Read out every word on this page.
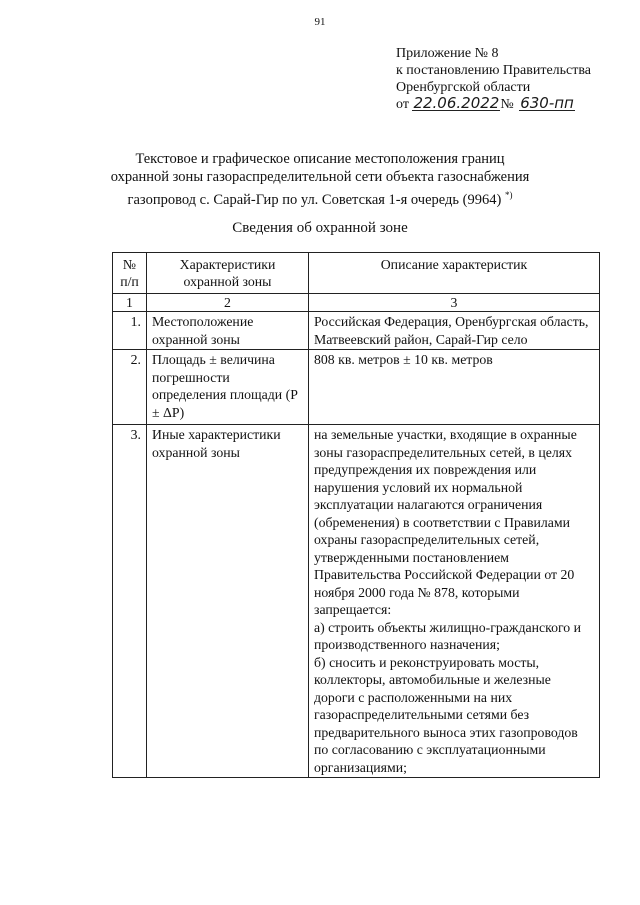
91
Приложение № 8
к постановлению Правительства
Оренбургской области
от 22.06.2022№ 630-пп
Текстовое и графическое описание местоположения границ
охранной зоны газораспределительной сети объекта газоснабжения
газопровод с. Сарай-Гир по ул. Советская 1-я очередь (9964) *)
Сведения об охранной зоне
№ п/п	Характеристики охранной зоны	Описание характеристик
1	2	3
1.	Местоположение охранной зоны	Российская Федерация, Оренбургская область, Матвеевский район, Сарай-Гир село
2.	Площадь ± величина погрешности определения площади (P ± ΔP)	808 кв. метров ± 10 кв. метров
3.	Иные характеристики охранной зоны	на земельные участки, входящие в охранные зоны газораспределительных сетей, в целях предупреждения их повреждения или нарушения условий их нормальной эксплуатации налагаются ограничения (обременения) в соответствии с Правилами охраны газораспределительных сетей, утвержденными постановлением Правительства Российской Федерации от 20 ноября 2000 года № 878, которыми запрещается:
а) строить объекты жилищно-гражданского и производственного назначения;
б) сносить и реконструировать мосты, коллекторы, автомобильные и железные дороги с расположенными на них газораспределительными сетями без предварительного выноса этих газопроводов по согласованию с эксплуатационными организациями;
